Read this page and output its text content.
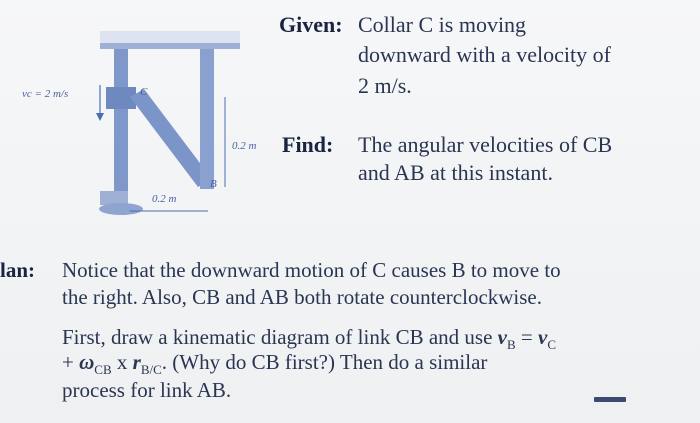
vc = 2 m/s	C
B
0.2 m
0.2 m
Given: Collar C is moving
downward with a velocity of
2 m/s.
Find: The angular velocities of CB
and AB at this instant.
lan: Notice that the downward motion of C causes B to move to
the right. Also, CB and AB both rotate counterclockwise.
First, draw a kinematic diagram of link CB and use $v_B = v_C$
+ $\omega_{CB}$ x $r_{B/C}$. (Why do CB first?) Then do a similar
process for link AB.
